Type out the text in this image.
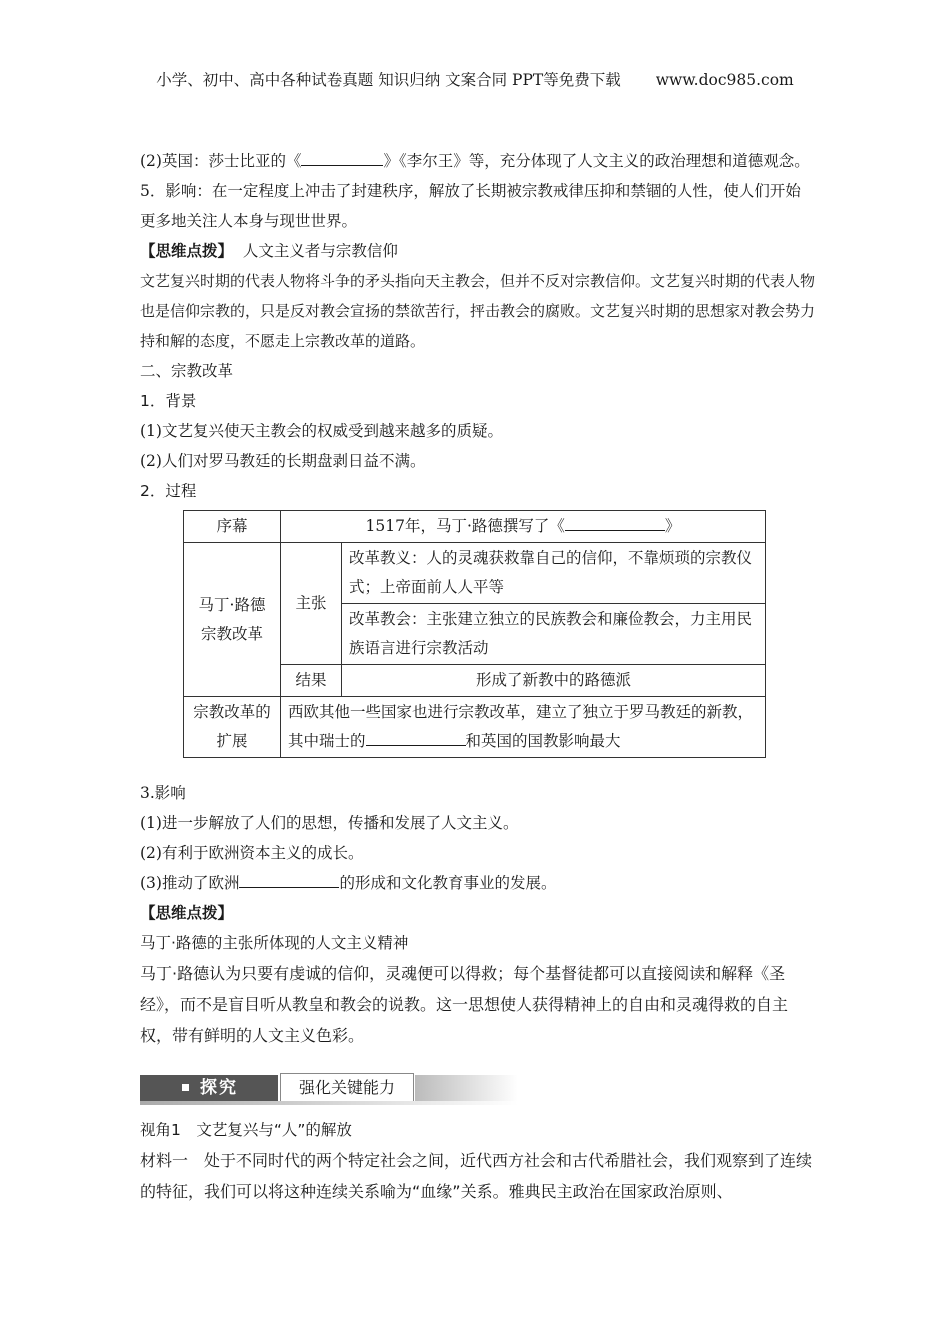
小学、初中、高中各种试卷真题 知识归纳 文案合同 PPT等免费下载 www.doc985.com

(2)英国：莎士比亚的《	》《李尔王》等，充分体现了人文主义的政治理想和道德观念。

5．影响：在一定程度上冲击了封建秩序，解放了长期被宗教戒律压抑和禁锢的人性，使人们开始更多地关注人本身与现世世界。

【思维点拨】 人文主义者与宗教信仰

文艺复兴时期的代表人物将斗争的矛头指向天主教会，但并不反对宗教信仰。文艺复兴时期的代表人物也是信仰宗教的，只是反对教会宣扬的禁欲苦行，抨击教会的腐败。文艺复兴时期的思想家对教会势力持和解的态度，不愿走上宗教改革的道路。

二、宗教改革

1．背景

(1)文艺复兴使天主教会的权威受到越来越多的质疑。

(2)人们对罗马教廷的长期盘剥日益不满。

2．过程

序幕	1517年，马丁·路德撰写了《 》	
马丁·路德宗教改革	主张	改革教义：人的灵魂获救靠自己的信仰，不靠烦琐的宗教仪式；上帝面前人人平等
		改革教会：主张建立独立的民族教会和廉俭教会，力主用民族语言进行宗教活动
	结果	形成了新教中的路德派
宗教改革的扩展	西欧其他一些国家也进行宗教改革，建立了独立于罗马教廷的新教，其中瑞士的 和英国的国教影响最大	

3.影响

(1)进一步解放了人们的思想，传播和发展了人文主义。

(2)有利于欧洲资本主义的成长。

(3)推动了欧洲	的形成和文化教育事业的发展。

【思维点拨】

马丁·路德的主张所体现的人文主义精神

马丁·路德认为只要有虔诚的信仰，灵魂便可以得救；每个基督徒都可以直接阅读和解释《圣经》，而不是盲目听从教皇和教会的说教。这一思想使人获得精神上的自由和灵魂得救的自主权，带有鲜明的人文主义色彩。

探究	强化关键能力

视角1　文艺复兴与“人”的解放

材料一　处于不同时代的两个特定社会之间，近代西方社会和古代希腊社会，我们观察到了连续的特征，我们可以将这种连续关系喻为“血缘”关系。雅典民主政治在国家政治原则、
